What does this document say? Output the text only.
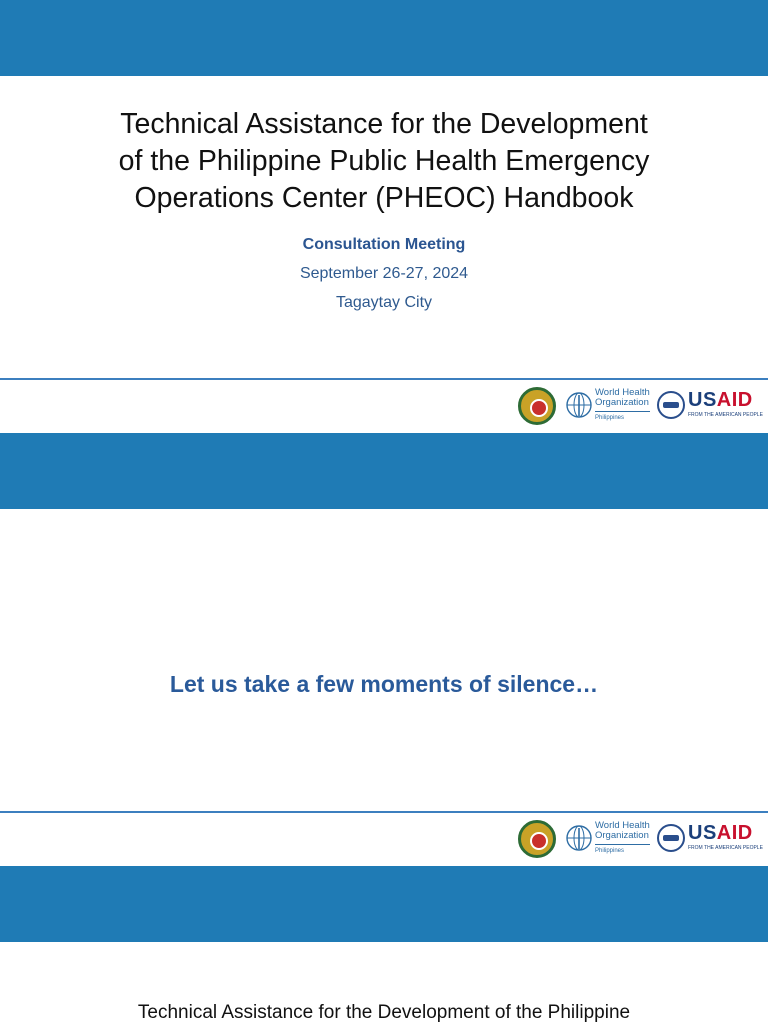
Technical Assistance for the Development
of the Philippine Public Health Emergency
Operations Center (PHEOC) Handbook
Consultation Meeting
September 26-27, 2024
Tagaytay City
World Health
Organization
Philippines
USAID
FROM THE AMERICAN PEOPLE
Let us take a few moments of silence…
World Health
Organization
Philippines
USAID
FROM THE AMERICAN PEOPLE
Technical Assistance for the Development of the Philippine
